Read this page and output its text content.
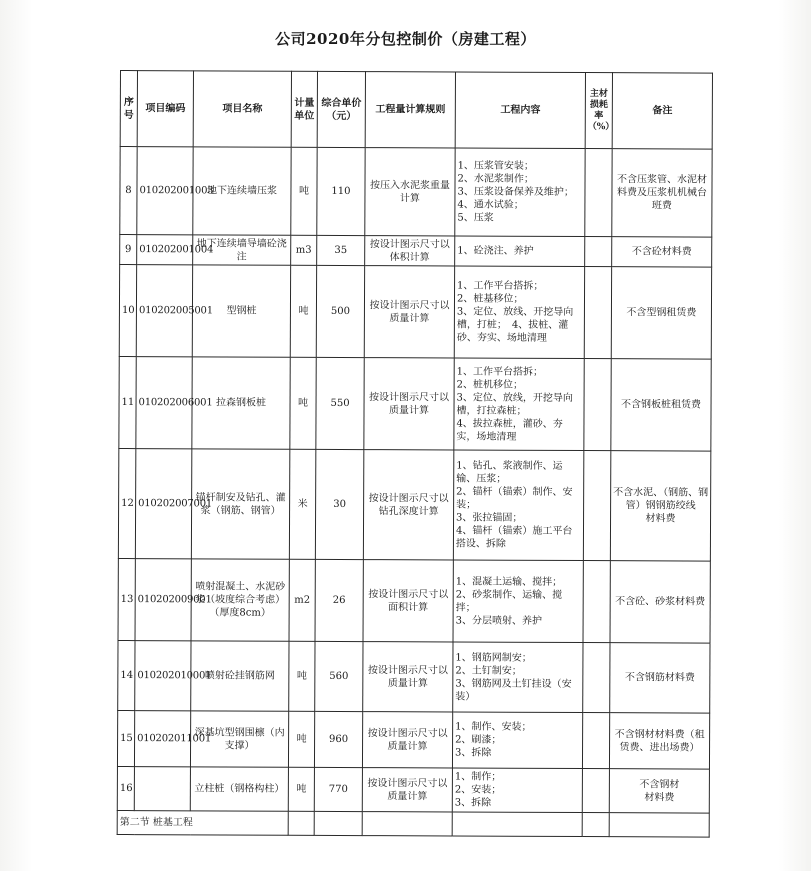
公司2020年分包控制价（房建工程）
序号	项目编码	项目名称	计量单位	综合单价（元）	工程量计算规则	工程内容	主材损耗率（%）	备注
8	010202001003	地下连续墙压浆	吨	110	按压入水泥浆重量计算	1、压浆管安装；
2、水泥浆制作；
3、压浆设备保养及维护；
4、通水试验；
5、压浆		不含压浆管、水泥材料费及压浆机机械台班费
9	010202001004	地下连续墙导墙砼浇注	m3	35	按设计图示尺寸以体积计算	1、砼浇注、养护		不含砼材料费
10	010202005001	型钢桩	吨	500	按设计图示尺寸以质量计算	1、工作平台搭拆；
2、桩基移位；
3、定位、放线、开挖导向槽，打桩；　4、拔桩、灌砂、夯实、场地清理		不含型钢租赁费
11	010202006001	拉森钢板桩	吨	550	按设计图示尺寸以质量计算	1、工作平台搭拆；
2、桩机移位；
3、定位、放线，开挖导向槽，打拉森桩；
4、拔拉森桩，灌砂、夯实，场地清理		不含钢板桩租赁费
12	010202007001	锚杆制安及钻孔、灌浆（钢筋、钢管）	米	30	按设计图示尺寸以钻孔深度计算	1、钻孔、浆液制作、运输、压浆；
2、锚杆（锚索）制作、安装；
3、张拉锚固；
4、锚杆（锚索）施工平台搭设、拆除		不含水泥、（钢筋、钢管）钢钢筋绞线
材料费
13	010202009001	喷射混凝土、水泥砂浆（坡度综合考虑）（厚度8cm）	m2	26	按设计图示尺寸以面积计算	1、混凝土运输、搅拌；
2、砂浆制作、运输、搅拌；
3、分层喷射、养护		不含砼、砂浆材料费
14	010202010001	喷射砼挂钢筋网	吨	560	按设计图示尺寸以质量计算	1、钢筋网制安；
2、土钉制安；
3、钢筋网及土钉挂设（安装）		不含钢筋材料费
15	010202011001	深基坑型钢围檩（内支撑）	吨	960	按设计图示尺寸以质量计算	1、制作、安装；
2、刷漆；
3、拆除		不含钢材材料费（租赁费、进出场费）
16		立柱桩（钢格构柱）	吨	770	按设计图示尺寸以质量计算	1、制作；
2、安装；
3、拆除		不含钢材
材料费
第二节 桩基工程								
